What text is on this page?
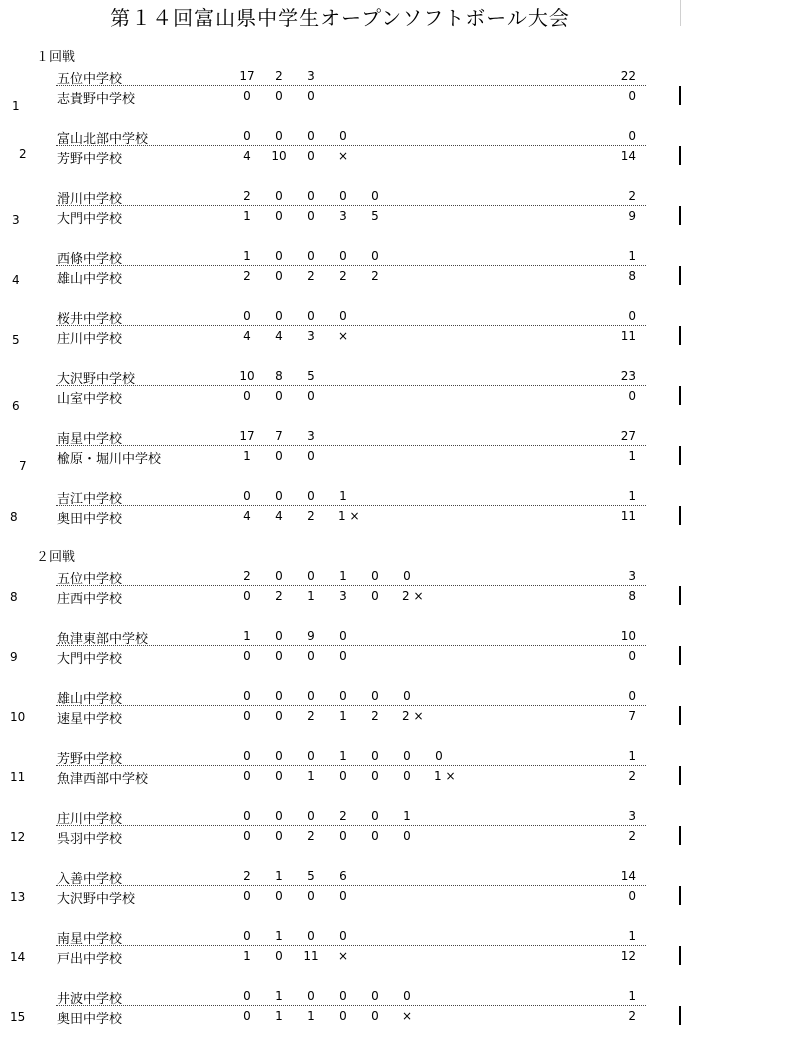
第１４回富山県中学生オープンソフトボール大会
１回戦
1
五位中学校	17	2	3	22
志貴野中学校	0	0	0	0
2
富山北部中学校	0	0	0	0	0
芳野中学校	4	10	0	×	14
3
滑川中学校	2	0	0	0	0	2
大門中学校	1	0	0	3	5	9
4
西條中学校	1	0	0	0	0	1
雄山中学校	2	0	2	2	2	8
5
桜井中学校	0	0	0	0	0
庄川中学校	4	4	3	×	11
6
大沢野中学校	10	8	5	23
山室中学校	0	0	0	0
7
南星中学校	17	7	3	27
楡原・堀川中学校	1	0	0	1
8
吉江中学校	0	0	0	1	1
奥田中学校	4	4	2	1 ×	11
２回戦
8
五位中学校	2	0	0	1	0	0	3
庄西中学校	0	2	1	3	0	2 ×	8
9
魚津東部中学校	1	0	9	0	10
大門中学校	0	0	0	0	0
10
雄山中学校	0	0	0	0	0	0	0
速星中学校	0	0	2	1	2	2 ×	7
11
芳野中学校	0	0	0	1	0	0	0	1
魚津西部中学校	0	0	1	0	0	0	1 ×	2
12
庄川中学校	0	0	0	2	0	1	3
呉羽中学校	0	0	2	0	0	0	2
13
入善中学校	2	1	5	6	14
大沢野中学校	0	0	0	0	0
14
南星中学校	0	1	0	0	1
戸出中学校	1	0	11	×	12
15
井波中学校	0	1	0	0	0	0	1
奥田中学校	0	1	1	0	0	×	2
